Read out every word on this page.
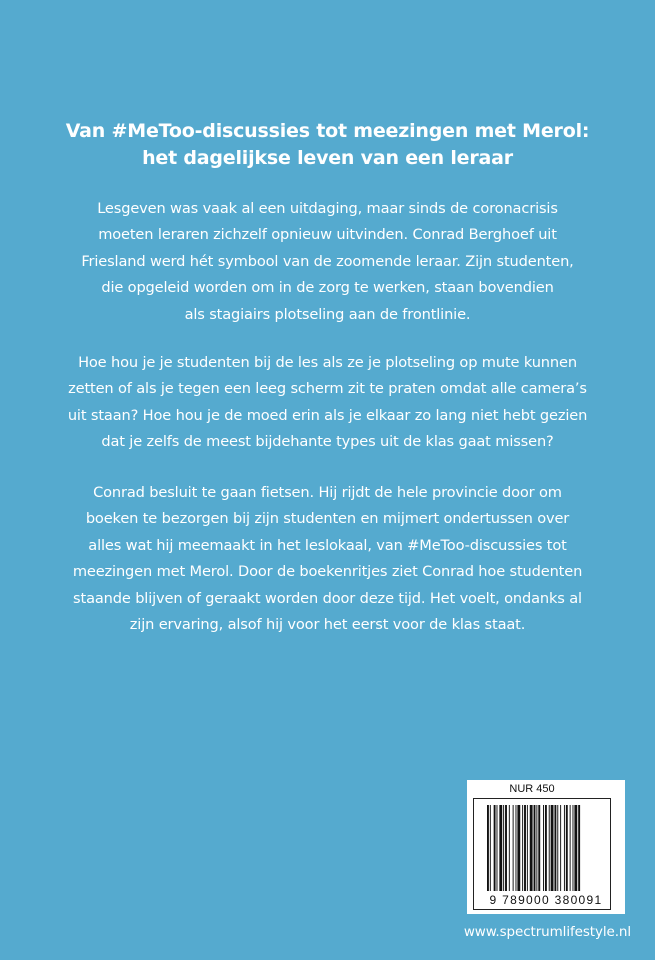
Van #MeToo-discussies tot meezingen met Merol:
het dagelijkse leven van een leraar
Lesgeven was vaak al een uitdaging, maar sinds de coronacrisis
moeten leraren zichzelf opnieuw uitvinden. Conrad Berghoef uit
Friesland werd hét symbool van de zoomende leraar. Zijn studenten,
die opgeleid worden om in de zorg te werken, staan bovendien
als stagiairs plotseling aan de frontlinie.
Hoe hou je je studenten bij de les als ze je plotseling op mute kunnen
zetten of als je tegen een leeg scherm zit te praten omdat alle camera’s
uit staan? Hoe hou je de moed erin als je elkaar zo lang niet hebt gezien
dat je zelfs de meest bijdehante types uit de klas gaat missen?
Conrad besluit te gaan fietsen. Hij rijdt de hele provincie door om
boeken te bezorgen bij zijn studenten en mijmert ondertussen over
alles wat hij meemaakt in het leslokaal, van #MeToo-discussies tot
meezingen met Merol. Door de boekenritjes ziet Conrad hoe studenten
staande blijven of geraakt worden door deze tijd. Het voelt, ondanks al
zijn ervaring, alsof hij voor het eerst voor de klas staat.
NUR 450
9 789000 380091
www.spectrumlifestyle.nl
